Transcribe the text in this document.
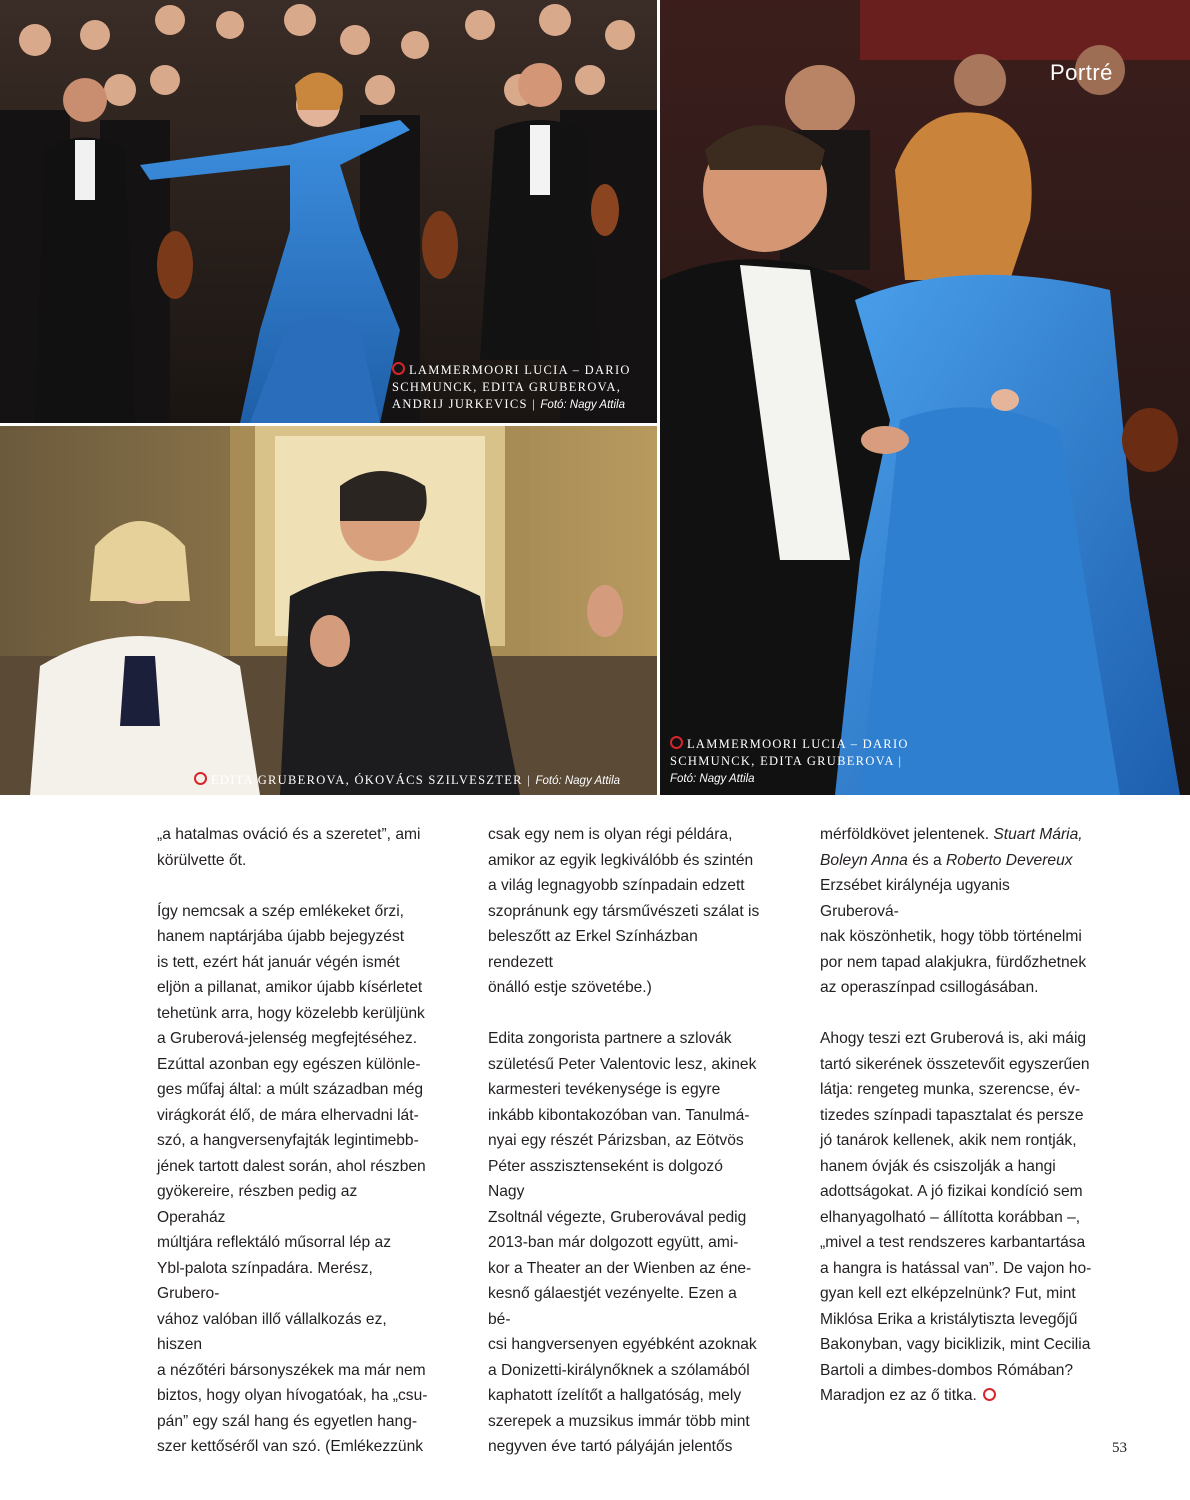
Portré
LAMMERMOORI LUCIA – DARIO SCHMUNCK, EDITA GRUBEROVA, ANDRIJ JURKEVICS | Fotó: Nagy Attila
EDITA GRUBEROVA, ÓKOVÁCS SZILVESZTER | Fotó: Nagy Attila
LAMMERMOORI LUCIA – DARIO SCHMUNCK, EDITA GRUBEROVA | Fotó: Nagy Attila

„a hatalmas ováció és a szeretet”, ami
körülvette őt.

Így nemcsak a szép emlékeket őrzi,
hanem naptárjába újabb bejegyzést
is tett, ezért hát január végén ismét
eljön a pillanat, amikor újabb kísérletet
tehetünk arra, hogy közelebb kerüljünk
a Gruberová-jelenség megfejtéséhez.
Ezúttal azonban egy egészen különle-
ges műfaj által: a múlt században még
virágkorát élő, de mára elhervadni lát-
szó, a hangversenyfajták legintimebb-
jének tartott dalest során, ahol részben
gyökereire, részben pedig az Operaház
múltjára reflektáló műsorral lép az
Ybl-palota színpadára. Merész, Grubero-
vához valóban illő vállalkozás ez, hiszen
a nézőtéri bársonyszékek ma már nem
biztos, hogy olyan hívogatóak, ha „csu-
pán” egy szál hang és egyetlen hang-
szer kettőséről van szó. (Emlékezzünk

csak egy nem is olyan régi példára,
amikor az egyik legkiválóbb és szintén
a világ legnagyobb színpadain edzett
szopránunk egy társművészeti szálat is
beleszőtt az Erkel Színházban rendezett
önálló estje szövetébe.)

Edita zongorista partnere a szlovák
születésű Peter Valentovic lesz, akinek
karmesteri tevékenysége is egyre
inkább kibontakozóban van. Tanulmá-
nyai egy részét Párizsban, az Eötvös
Péter asszisztenseként is dolgozó Nagy
Zsoltnál végezte, Gruberovával pedig
2013-ban már dolgozott együtt, ami-
kor a Theater an der Wienben az éne-
kesnő gálaestjét vezényelte. Ezen a bé-
csi hangversenyen egyébként azoknak
a Donizetti-királynőknek a szólamából
kaphatott ízelítőt a hallgatóság, mely
szerepek a muzsikus immár több mint
negyven éve tartó pályáján jelentős

mérföldkövet jelentenek. Stuart Mária,
Boleyn Anna és a Roberto Devereux
Erzsébet királynéja ugyanis Gruberová-
nak köszönhetik, hogy több történelmi
por nem tapad alakjukra, fürdőzhetnek
az operaszínpad csillogásában.

Ahogy teszi ezt Gruberová is, aki máig
tartó sikerének összetevőit egyszerűen
látja: rengeteg munka, szerencse, év-
tizedes színpadi tapasztalat és persze
jó tanárok kellenek, akik nem rontják,
hanem óvják és csiszolják a hangi
adottságokat. A jó fizikai kondíció sem
elhanyagolható – állította korábban –,
„mivel a test rendszeres karbantartása
a hangra is hatással van”. De vajon ho-
gyan kell ezt elképzelnünk? Fut, mint
Miklósa Erika a kristálytiszta levegőjű
Bakonyban, vagy biciklizik, mint Cecilia
Bartoli a dimbes-dombos Rómában?
Maradjon ez az ő titka.

53
